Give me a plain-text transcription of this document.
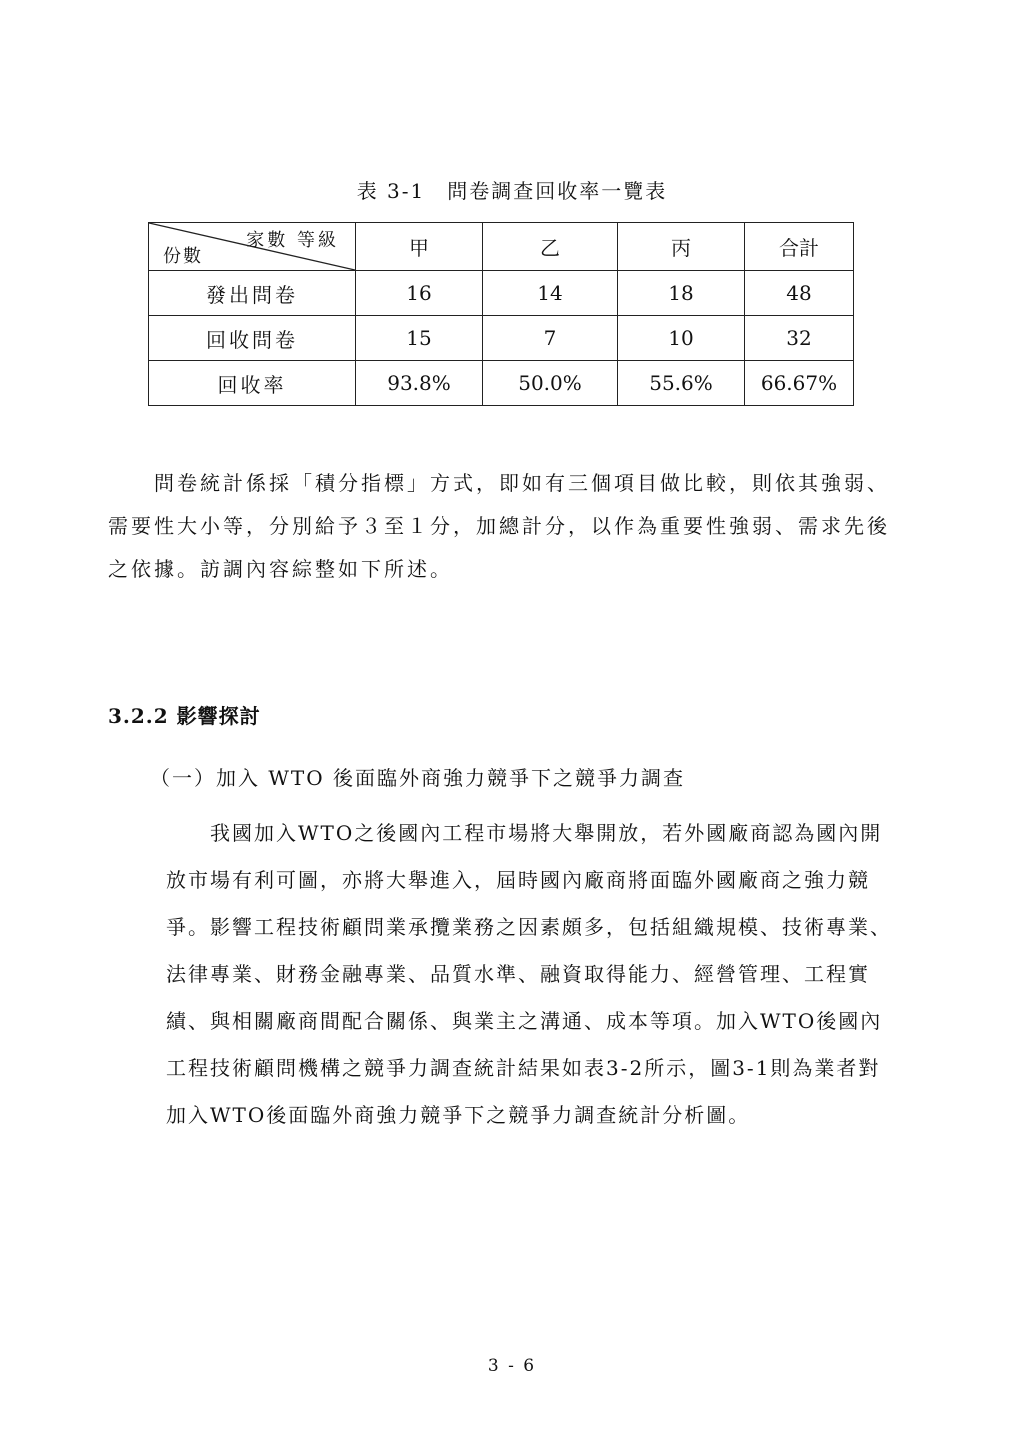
表 3-1 問卷調查回收率一覽表
家數 等級
份數	甲	乙	丙	合計
發出問卷	16	14	18	48
回收問卷	15	7	10	32
回收率	93.8%	50.0%	55.6%	66.67%

問卷統計係採「積分指標」方式，即如有三個項目做比較，則依其強弱、需要性大小等，分別給予３至１分，加總計分，以作為重要性強弱、需求先後之依據。訪調內容綜整如下所述。

3.2.2 影響探討
（一）加入 WTO 後面臨外商強力競爭下之競爭力調查

我國加入WTO之後國內工程市場將大舉開放，若外國廠商認為國內開放市場有利可圖，亦將大舉進入，屆時國內廠商將面臨外國廠商之強力競爭。影響工程技術顧問業承攬業務之因素頗多，包括組織規模、技術專業、法律專業、財務金融專業、品質水準、融資取得能力、經營管理、工程實績、與相關廠商間配合關係、與業主之溝通、成本等項。加入WTO後國內工程技術顧問機構之競爭力調查統計結果如表3-2所示，圖3-1則為業者對加入WTO後面臨外商強力競爭下之競爭力調查統計分析圖。

3 - 6
